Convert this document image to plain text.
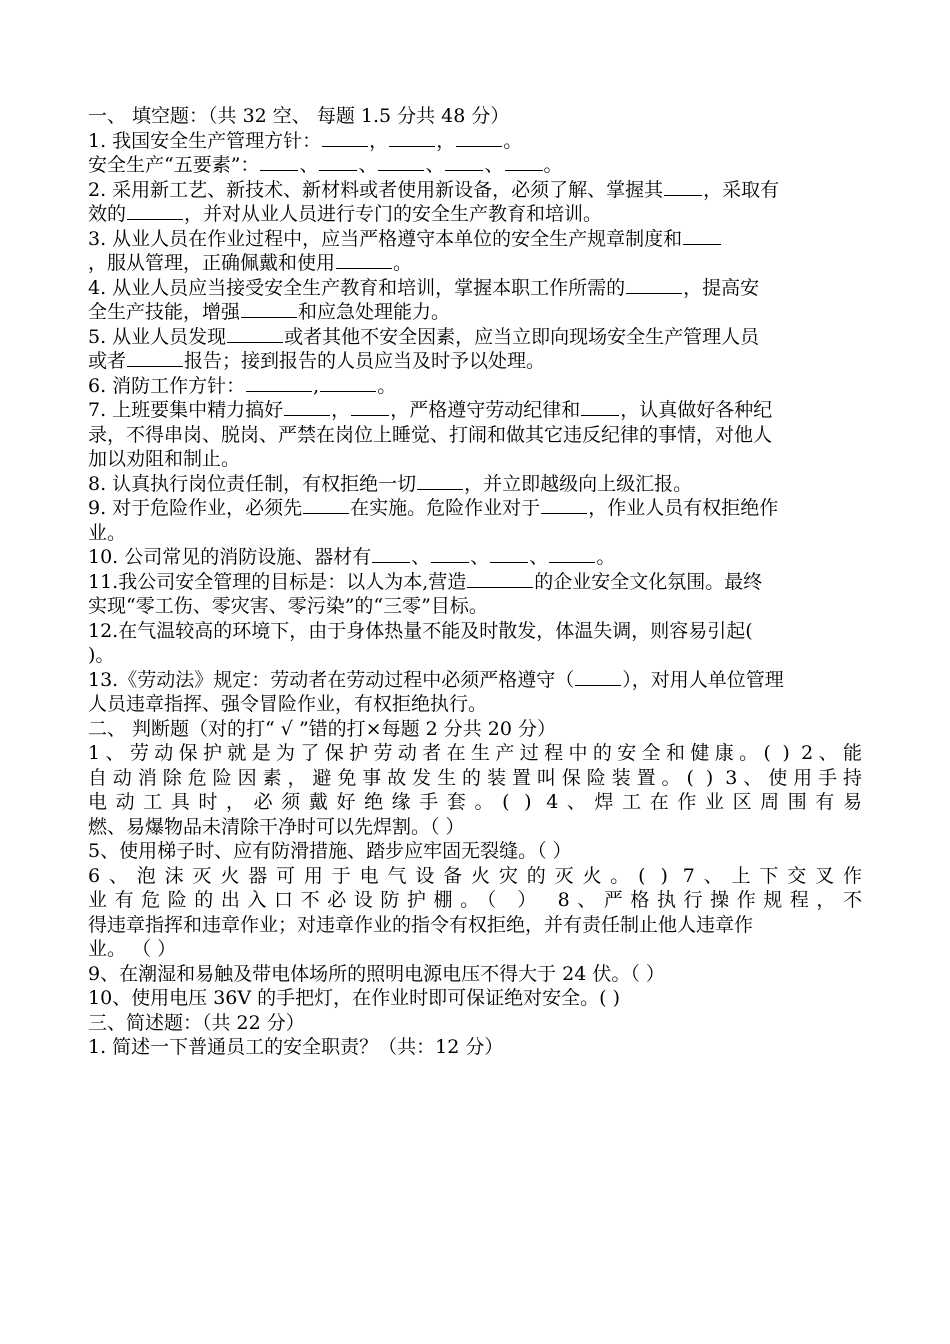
一、 填空题：（共 32 空、 每题 1.5 分共 48 分）
1. 我国安全生产管理方针：	，	，	。
安全生产“五要素”： 、 、	、 、 。
2. 采用新工艺、新技术、新材料或者使用新设备，必须了解、掌握其 ，采取有
效的	，并对从业人员进行专门的安全生产教育和培训。
3. 从业人员在作业过程中，应当严格遵守本单位的安全生产规章制度和
，服从管理，正确佩戴和使用	。
4. 从业人员应当接受安全生产教育和培训，掌握本职工作所需的	，提高安
全生产技能，增强	和应急处理能力。
5. 从业人员发现	或者其他不安全因素，应当立即向现场安全生产管理人员
或者	报告；接到报告的人员应当及时予以处理。
6. 消防工作方针：	,	。
7. 上班要集中精力搞好	， ，严格遵守劳动纪律和 ，认真做好各种纪
录，不得串岗、脱岗、严禁在岗位上睡觉、打闹和做其它违反纪律的事情，对他人
加以劝阻和制止。
8. 认真执行岗位责任制，有权拒绝一切	，并立即越级向上级汇报。
9. 对于危险作业，必须先	在实施。危险作业对于	，作业人员有权拒绝作
业。
10. 公司常见的消防设施、器材有 、 、 、	。
11.我公司安全管理的目标是：以人为本,营造	的企业安全文化氛围。最终
实现“零工伤、零灾害、零污染”的“三零”目标。
12.在气温较高的环境下，由于身体热量不能及时散发，体温失调，则容易引起(
)。
13.《劳动法》规定：劳动者在劳动过程中必须严格遵守（	），对用人单位管理
人员违章指挥、强令冒险作业，有权拒绝执行。
二、 判断题（对的打“ √ ”错的打×每题 2 分共 20 分）
1、劳动保护就是为了保护劳动者在生产过程中的安全和健康。( ) 2、能
自动消除危险因素，避免事故发生的装置叫保险装置。( ) 3、使用手持
电动工具时，必须戴好绝缘手套。( ) 4、焊工在作业区周围有易
燃、易爆物品未清除干净时可以先焊割。（ ）
5、使用梯子时、应有防滑措施、踏步应牢固无裂缝。（ ）
6、泡沫灭火器可用于电气设备火灾的灭火。( ) 7、上下交叉作
业有危险的出入口不必设防护棚。（ ） 8、严格执行操作规程，不
得违章指挥和违章作业；对违章作业的指令有权拒绝，并有责任制止他人违章作
业。 （ ）
9、在潮湿和易触及带电体场所的照明电源电压不得大于 24 伏。（ ）
10、使用电压 36V 的手把灯，在作业时即可保证绝对安全。( )
三、简述题：（共 22 分）
1. 简述一下普通员工的安全职责？（共：12 分）
